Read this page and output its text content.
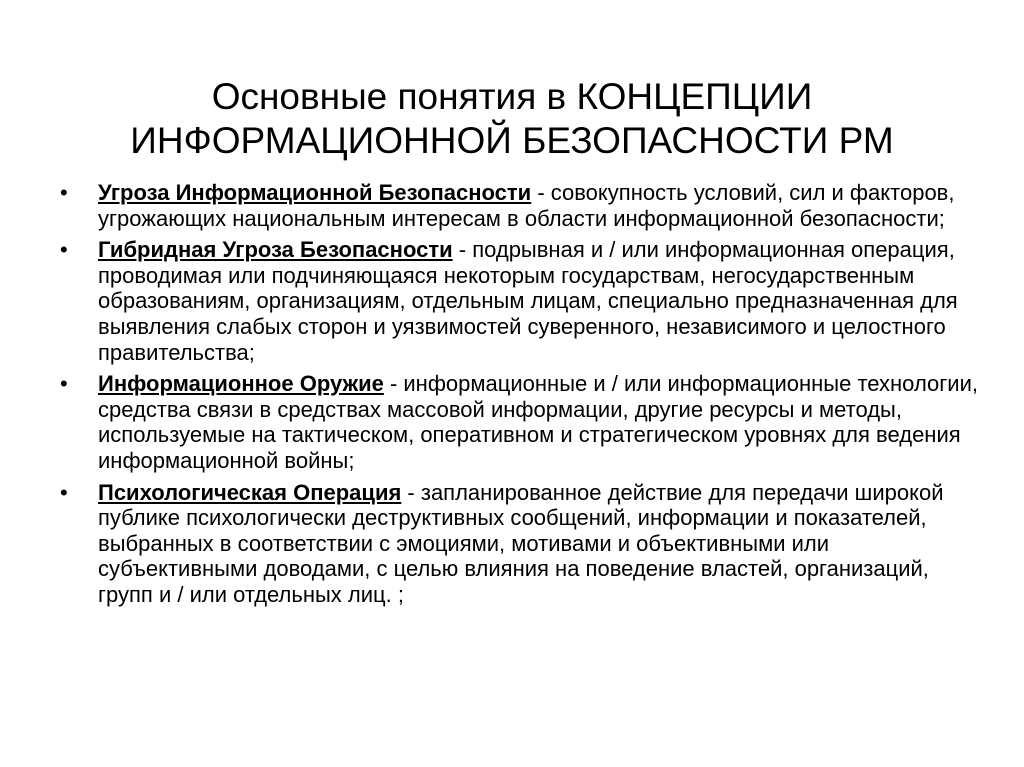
Основные понятия в КОНЦЕПЦИИ
ИНФОРМАЦИОННОЙ БЕЗОПАСНОСТИ РМ
•	Угроза Информационной Безопасности - совокупность условий, сил и факторов, угрожающих национальным интересам в области информационной безопасности;
•	Гибридная Угроза Безопасности - подрывная и / или информационная операция, проводимая или подчиняющаяся некоторым государствам, негосударственным образованиям, организациям, отдельным лицам, специально предназначенная для выявления слабых сторон и уязвимостей суверенного, независимого и целостного правительства;
•	Информационное Оружие - информационные и / или информационные технологии, средства связи в средствах массовой информации, другие ресурсы и методы, используемые на тактическом, оперативном и стратегическом уровнях для ведения информационной войны;
•	Психологическая Операция - запланированное действие для передачи широкой публике психологически деструктивных сообщений, информации и показателей, выбранных в соответствии с эмоциями, мотивами и объективными или субъективными доводами, с целью влияния на поведение властей, организаций, групп и / или отдельных лиц. ;
